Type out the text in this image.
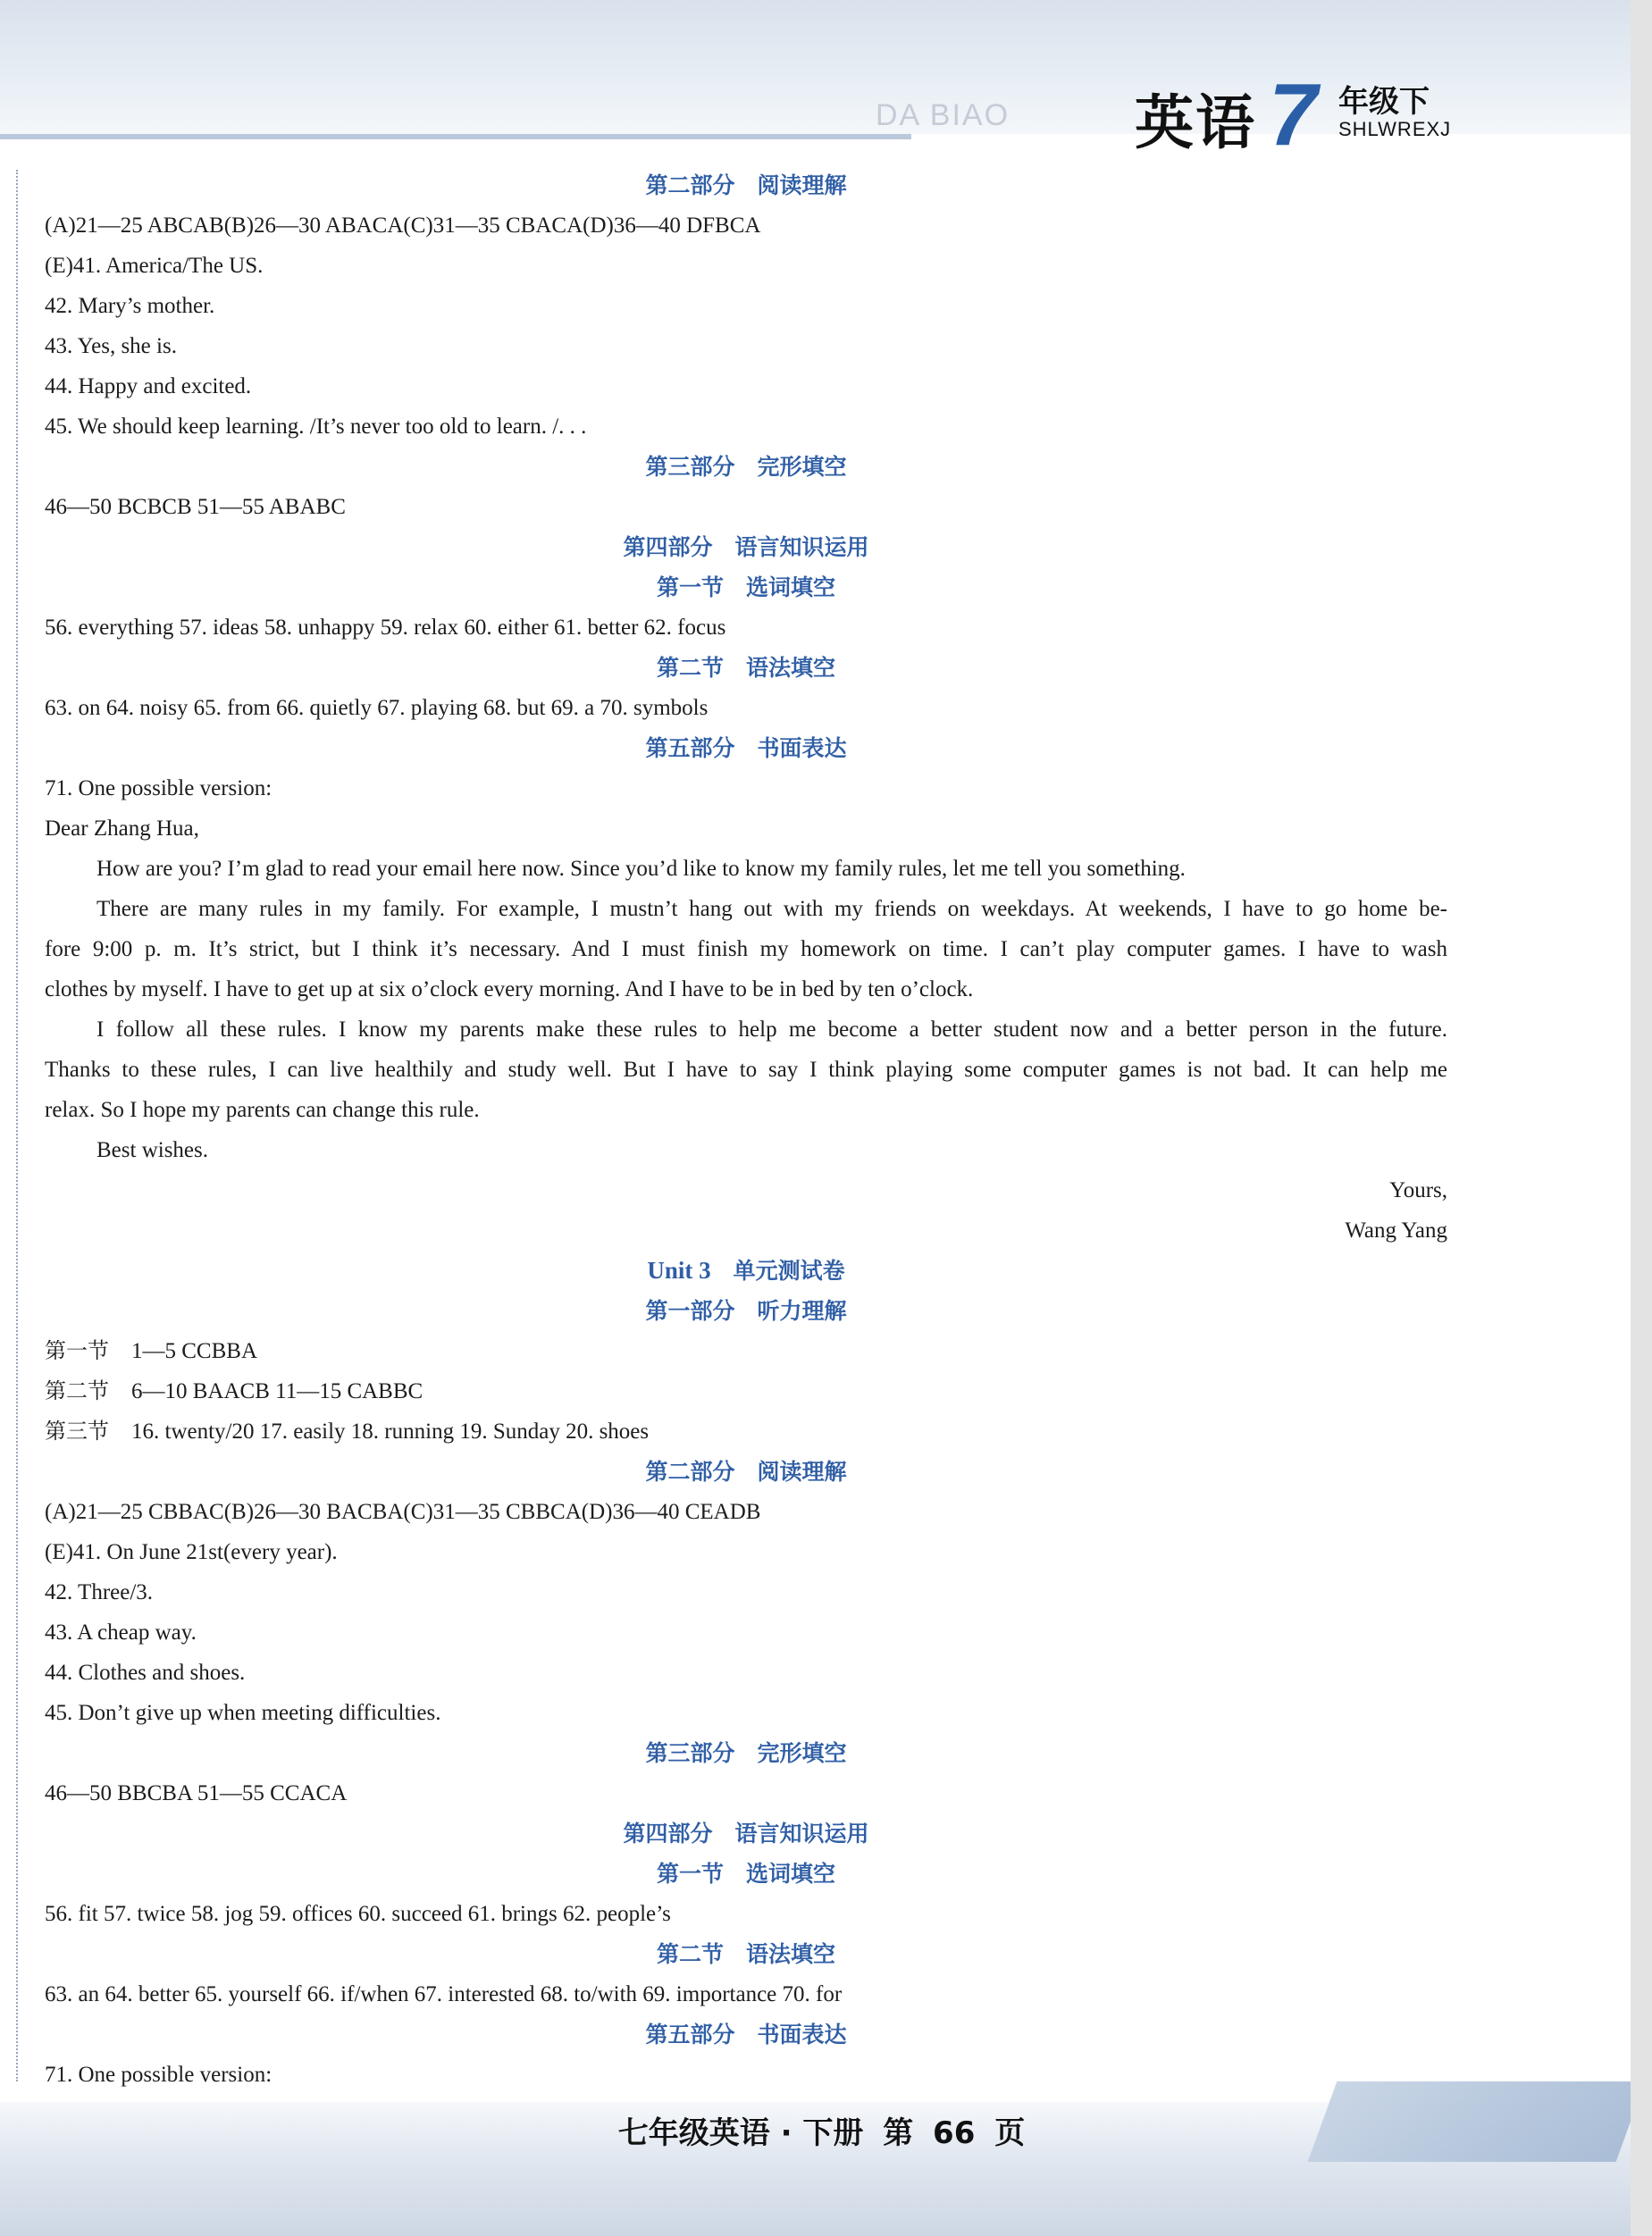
DA BIAO	英语 7 年级下
SHLWREXJ
第二部分　阅读理解
(A)21—25 ABCAB(B)26—30 ABACA(C)31—35 CBACA(D)36—40 DFBCA
(E)41. America/The US.
42. Mary’s mother.
43. Yes, she is.
44. Happy and excited.
45. We should keep learning. /It’s never too old to learn. /. . .
第三部分　完形填空
46—50 BCBCB 51—55 ABABC
第四部分　语言知识运用
第一节　选词填空
56. everything 57. ideas 58. unhappy 59. relax 60. either 61. better 62. focus
第二节　语法填空
63. on 64. noisy 65. from 66. quietly 67. playing 68. but 69. a 70. symbols
第五部分　书面表达
71. One possible version:
Dear Zhang Hua,
How are you? I’m glad to read your email here now. Since you’d like to know my family rules, let me tell you something.
There are many rules in my family. For example, I mustn’t hang out with my friends on weekdays. At weekends, I have to go home be-
fore 9:00 p. m. It’s strict, but I think it’s necessary. And I must finish my homework on time. I can’t play computer games. I have to wash
clothes by myself. I have to get up at six o’clock every morning. And I have to be in bed by ten o’clock.
I follow all these rules. I know my parents make these rules to help me become a better student now and a better person in the future.
Thanks to these rules, I can live healthily and study well. But I have to say I think playing some computer games is not bad. It can help me
relax. So I hope my parents can change this rule.
Best wishes.
Yours,
Wang Yang
Unit 3　单元测试卷
第一部分　听力理解
第一节　1—5 CCBBA
第二节　6—10 BAACB 11—15 CABBC
第三节　16. twenty/20 17. easily 18. running 19. Sunday 20. shoes
第二部分　阅读理解
(A)21—25 CBBAC(B)26—30 BACBA(C)31—35 CBBCA(D)36—40 CEADB
(E)41. On June 21st(every year).
42. Three/3.
43. A cheap way.
44. Clothes and shoes.
45. Don’t give up when meeting difficulties.
第三部分　完形填空
46—50 BBCBA 51—55 CCACA
第四部分　语言知识运用
第一节　选词填空
56. fit 57. twice 58. jog 59. offices 60. succeed 61. brings 62. people’s
第二节　语法填空
63. an 64. better 65. yourself 66. if/when 67. interested 68. to/with 69. importance 70. for
第五部分　书面表达
71. One possible version:
七年级英语 · 下册 第 66 页
